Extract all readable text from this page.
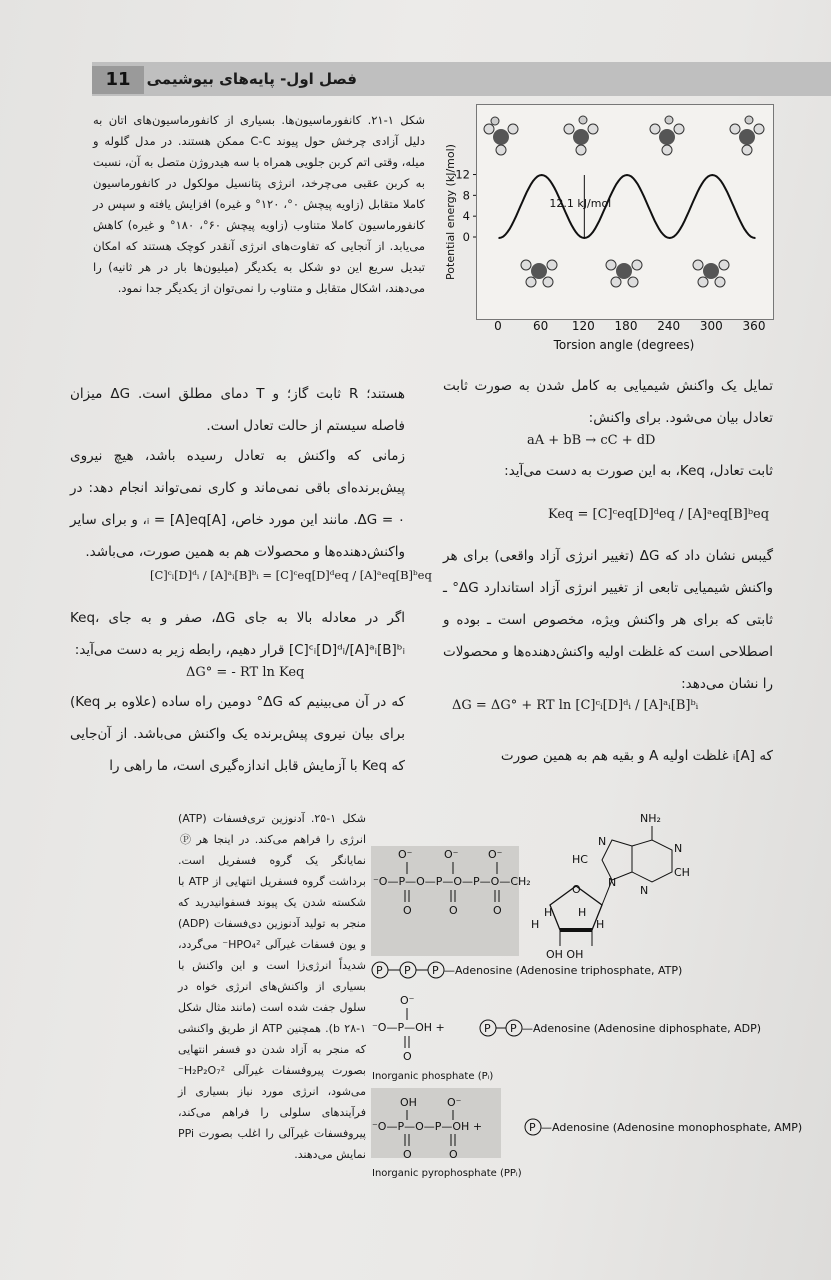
11	فصل اول- پایه‌های بیوشیمی
شکل ۱-۲۱. کانفورماسیون‌ها. بسیاری از کانفورماسیون‌های اتان به دلیل آزادی چرخش حول پیوند C-C ممکن هستند. در مدل گلوله و میله، وقتی اتم کربن جلویی همراه با سه هیدروژن متصل به آن، نسبت به کربن عقبی می‌چرخد، انرژی پتانسیل مولکول در کانفورماسیون کاملا متقابل (زاویه پیچش ۰°، ۱۲۰° و غیره) افزایش یافته و سپس در کانفورماسیون کاملا متناوب (زاویه پیچش ۶۰°، ۱۸۰° و غیره) کاهش می‌یابد. از آنجایی که تفاوت‌های انرژی آنقدر کوچک هستند که امکان تبدیل سریع این دو شکل به یکدیگر (میلیون‌ها بار در هر ثانیه) را می‌دهند، اشکال متقابل و متناوب را نمی‌توان از یکدیگر جدا نمود.
12.1 kJ/mol
0
4
8
12
0	60 120 180 240 300 360
Torsion angle (degrees)
Potential energy (kJ/mol)
تمایل یک واکنش شیمیایی به کامل شدن به صورت ثابت تعادل بیان می‌شود. برای واکنش:
aA + bB → cC + dD
ثابت تعادل، Keq، به این صورت به دست می‌آید:
Keq = [C]ᶜeq[D]ᵈeq / [A]ᵃeq[B]ᵇeq
گیبس نشان داد که ΔG (تغییر انرژی آزاد واقعی) برای هر واکنش شیمیایی تابعی از تغییر انرژی آزاد استاندارد ΔG° ـ ثابتی که برای هر واکنش ویژه، مخصوص است ـ بوده و اصطلاحی است که غلظت اولیه واکنش‌دهنده‌ها و محصولات را نشان می‌دهد:
ΔG = ΔG° + RT ln [C]ᶜᵢ[D]ᵈᵢ / [A]ᵃᵢ[B]ᵇᵢ
که [A]ᵢ غلظت اولیه A و بقیه هم به همین صورت
هستند؛ R ثابت گاز؛ و T دمای مطلق است. ΔG میزان فاصله سیستم از حالت تعادل است.
زمانی که واکنش به تعادل رسیده باشد، هیچ نیروی پیش‌برنده‌ای باقی نمی‌ماند و کاری نمی‌تواند انجام دهد: در ΔG = ۰. مانند این مورد خاص، [A]ᵢ = [A]eq، و برای سایر واکنش‌دهنده‌ها و محصولات هم به همین صورت، می‌باشد.
[C]ᶜᵢ[D]ᵈᵢ / [A]ᵃᵢ[B]ᵇᵢ = [C]ᶜeq[D]ᵈeq / [A]ᵃeq[B]ᵇeq
اگر در معادله بالا به جای ΔG، صفر و به جای Keq، [C]ᶜᵢ[D]ᵈᵢ/[A]ᵃᵢ[B]ᵇᵢ قرار دهیم، رابطه زیر به دست می‌آید:
ΔG° = - RT ln Keq
که در آن می‌بینیم که ΔG° دومین راه ساده (علاوه بر Keq) برای بیان نیروی پیش‌برنده یک واکنش می‌باشد. از آن‌جایی که Keq با آزمایش قابل اندازه‌گیری است، ما راهی را
شکل ۱-۲۵. آدنوزین تری‌فسفات (ATP) انرژی را فراهم می‌کند. در اینجا هر Ⓟ نمایانگر یک گروه فسفریل است. برداشت گروه فسفریل انتهایی از ATP با شکسته شدن یک پیوند فسفوانیدرید که منجر به تولید آدنوزین دی‌فسفات (ADP) و یون فسفات غیرآلی HPO₄²⁻ می‌گردد، شدیداً انرژی‌زا است و این واکنش با بسیاری از واکنش‌های انرژی خواه در سلول جفت شده است (مانند مثال شکل ۱-۲۸ b). همچنین ATP از طریق واکنشی که منجر به آزاد شدن دو فسفر انتهایی بصورت پیروفسفات غیرآلی H₂P₂O₇²⁻ می‌شود، انرژی مورد نیاز بسیاری از فرآیندهای سلولی را فراهم می‌کند، پیروفسفات غیرآلی را اغلب بصورت PPi نمایش می‌دهند.
O⁻	O⁻	O⁻
⁻O—P—O—P—O—P—O—CH₂
O	O	O
O
H
H H
H
OH OH
NH₂
N
HC
N
N
CH
N
P P P —Adenosine (Adenosine triphosphate, ATP)
O⁻
⁻O—P—OH +
O
P P —Adenosine (Adenosine diphosphate, ADP)
Inorganic phosphate (Pᵢ)
OH	O⁻
⁻O—P—O—P—OH +
O	O
P —Adenosine (Adenosine monophosphate, AMP)
Inorganic pyrophosphate (PPᵢ)
